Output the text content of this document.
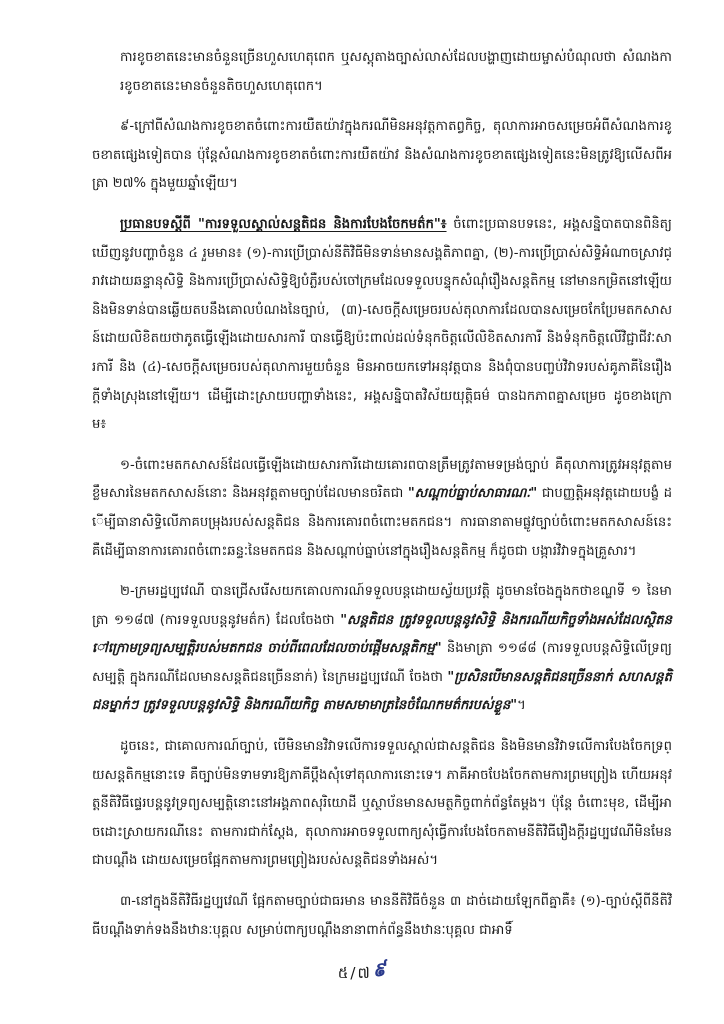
ការខូចខាតនេះមានចំនួនច្រើនហួសហេតុពេក ឬសស្តុតាងច្បាស់លាស់ដែលបង្ហាញដោយម្ចាស់បំណុលថា សំណងការខូចខាតនេះមានចំនួនតិចហួសហេតុពេក។

៩-ក្រៅពីសំណងការខូចខាតចំពោះការយឺតយ៉ាវក្នុងករណីមិនអនុវត្តកាតព្វកិច្ច, តុលាការអាចសម្រេចអំពីសំណងការខូចខាតផ្សេងទៀតបាន ប៉ុន្តែសំណងការខូចខាតចំពោះការយឺតយ៉ាវ និងសំណងការខូចខាតផ្សេងទៀតនេះមិនត្រូវឱ្យលើសពីអត្រា ២៧% ក្នុងមួយឆ្នាំឡើយ។

ប្រធានបទស្តីពី "ការទទួលស្គាល់សន្តតិជន និងការបែងចែកមត៌ក"៖ ចំពោះប្រធានបទនេះ, អង្គសន្និបាតបានពិនិត្យឃើញនូវបញ្ហាចំនួន ៤ រួមមាន៖ (១)-ការប្រើប្រាស់នីតិវិធីមិនទាន់មានសង្គតិភាពគ្នា, (២)-ការប្រើប្រាស់សិទ្ធិអំណាចស្រាវជ្រាវដោយឆន្ទានុសិទ្ធិ និងការប្រើប្រាស់សិទ្ធិឱ្យបំភ្លឺរបស់ចៅក្រមដែលទទួលបន្ទុកសំណុំរឿងសន្តតិកម្ម នៅមានកម្រិតនៅឡើយ និងមិនទាន់បានឆ្លើយតបនឹងគោលបំណងនៃច្បាប់, (៣)-សេចក្តីសម្រេចរបស់តុលាការដែលបានសម្រេចកែប្រែមតកសាសន៍ដោយលិខិតយថាភូតធ្វើឡើងដោយសារការី បានធ្វើឱ្យប៉ះពាល់ដល់ទំនុកចិត្តលើលិខិតសារការី និងទំនុកចិត្តលើវិជ្ជាជីវៈសារការី និង (៤)-សេចក្តីសម្រេចរបស់តុលាការមួយចំនួន មិនអាចយកទៅអនុវត្តបាន និងពុំបានបញ្ចប់វិវាទរបស់គូភាគីនៃរឿងក្តីទាំងស្រុងនៅឡើយ។ ដើម្បីដោះស្រាយបញ្ហាទាំងនេះ, អង្គសន្និបាតវិស័យយុត្តិធម៌ បានឯកភាពគ្នាសម្រេច ដូចខាងក្រោម៖

១-ចំពោះមតកសាសន៍ដែលធ្វើឡើងដោយសារការីដោយគោរពបានត្រឹមត្រូវតាមទម្រង់ច្បាប់ គឺតុលាការត្រូវអនុវត្តតាមខ្លឹមសារនៃមតកសាសន៍នោះ និងអនុវត្តតាមច្បាប់ដែលមានចរិតជា "សណ្តាប់ធ្នាប់សាធារណៈ" ជាបញ្ញត្តិអនុវត្តដោយបង្ខំ ដើម្បីធានាសិទ្ធិលើភាគបម្រុងរបស់សន្តតិជន និងការគោរពចំពោះមតកជន។ ការធានាតាមផ្លូវច្បាប់ចំពោះមតកសាសន៍នេះ គឺដើម្បីធានាការគោរពចំពោះឆន្ទៈនៃមតកជន និងសណ្តាប់ធ្នាប់នៅក្នុងរឿងសន្តតិកម្ម ក៏ដូចជា បង្ការវិវាទក្នុងគ្រួសារ។

២-ក្រមរដ្ឋប្បវេណី បានជ្រើសរើសយកគោលការណ៍ទទួលបន្តដោយស្វ័យប្រវត្តិ ដូចមានចែងក្នុងកថាខណ្ឌទី ១ នៃមាត្រា ១១៨៧ (ការទទួលបន្តនូវមត៌ក) ដែលចែងថា "សន្តតិជន ត្រូវទទួលបន្តនូវសិទ្ធិ និងករណីយកិច្ចទាំងអស់ដែលស្ថិតនៅក្រោមទ្រព្យសម្បត្តិរបស់មតកជន ចាប់ពីពេលដែលចាប់ផ្តើមសន្តតិកម្ម" និងមាត្រា ១១៨៨ (ការទទួលបន្តសិទ្ធិលើទ្រព្យសម្បត្តិ ក្នុងករណីដែលមានសន្តតិជនច្រើននាក់) នៃក្រមរដ្ឋប្បវេណី ចែងថា "ប្រសិនបើមានសន្តតិជនច្រើននាក់ សហសន្តតិជនម្នាក់ៗ ត្រូវទទួលបន្តនូវសិទ្ធិ និងករណីយកិច្ច តាមសមាមាត្រនៃចំណែកមត៌ករបស់ខ្លួន"។

ដូចនេះ, ជាគោលការណ៍ច្បាប់, បើមិនមានវិវាទលើការទទួលស្គាល់ជាសន្តតិជន និងមិនមានវិវាទលើការបែងចែកទ្រព្យសន្តតិកម្មនោះទេ គឺច្បាប់មិនទាមទារឱ្យភាគីប្តឹងសុំទៅតុលាការនោះទេ។ ភាគីអាចបែងចែកតាមការព្រមព្រៀង ហើយអនុវត្តនីតិវិធីផ្ទេរបន្តនូវទ្រព្យសម្បត្តិនោះនៅអង្គភាពសុរិយោដី ឬស្ថាប័នមានសមត្ថកិច្ចពាក់ព័ន្ធតែម្តង។ ប៉ុន្តែ ចំពោះមុខ, ដើម្បីអាចដោះស្រាយករណីនេះ តាមការជាក់ស្តែង, តុលាការអាចទទួលពាក្យសុំធ្វើការបែងចែកតាមនីតិវិធីរឿងក្តីរដ្ឋប្បវេណីមិនមែនជាបណ្តឹង ដោយសម្រេចផ្អែកតាមការព្រមព្រៀងរបស់សន្តតិជនទាំងអស់។

៣-នៅក្នុងនីតិវិធីរដ្ឋប្បវេណី ផ្អែកតាមច្បាប់ជាធរមាន មាននីតិវិធីចំនួន ៣ ដាច់ដោយឡែកពីគ្នាគឺ៖ (១)-ច្បាប់ស្តីពីនីតិវិធីបណ្តឹងទាក់ទងនឹងឋានៈបុគ្គល សម្រាប់ពាក្យបណ្តឹងនានាពាក់ព័ន្ធនឹងឋានៈបុគ្គល ជាអាទិ៍

៥/៧៩
